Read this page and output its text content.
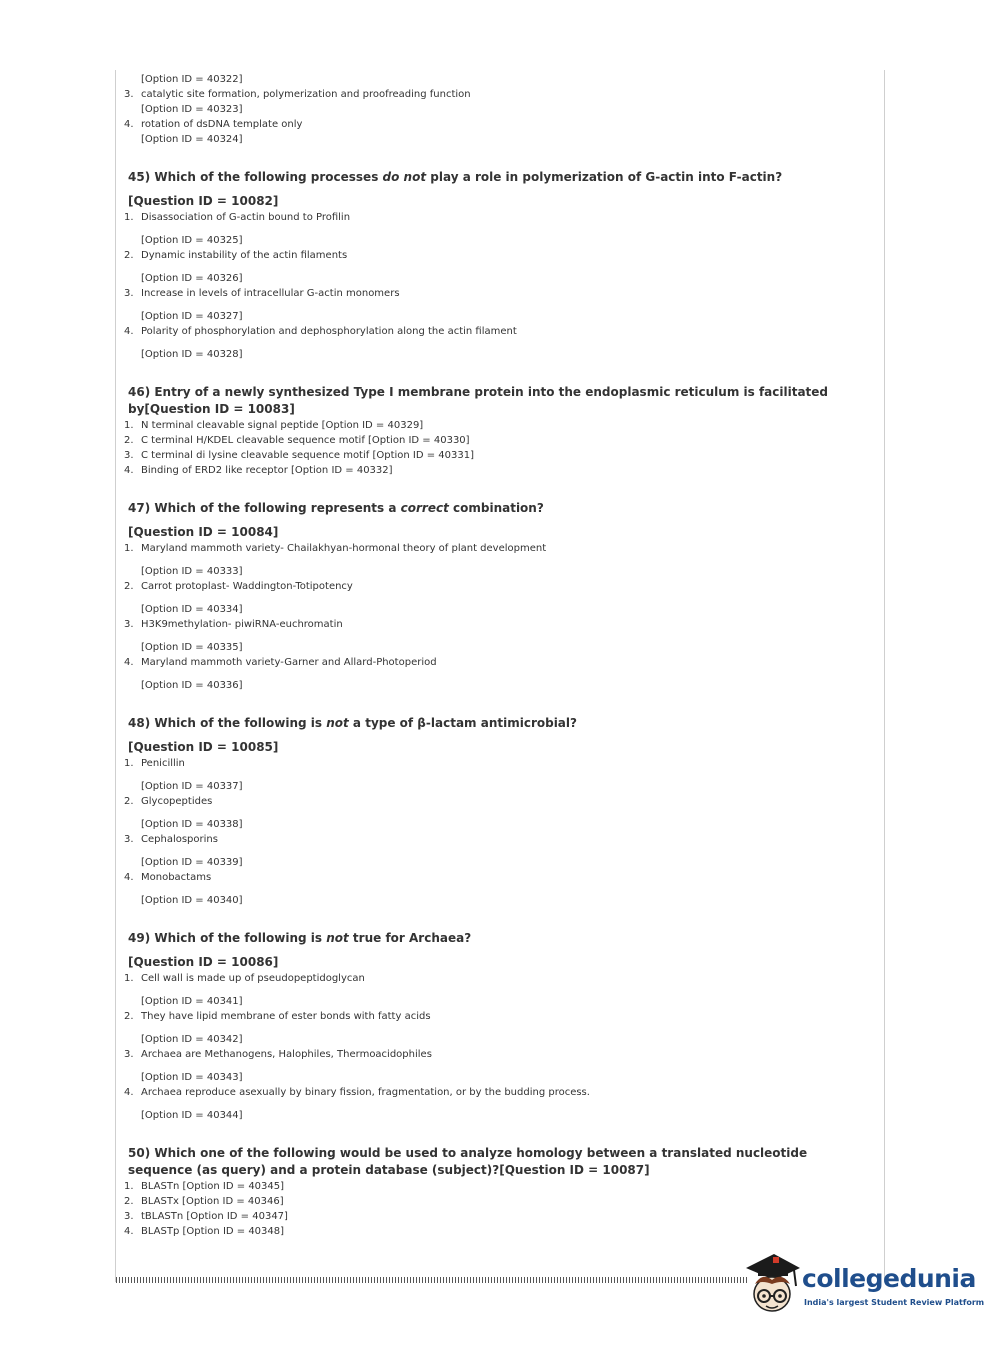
[Option ID = 40322]
3. catalytic site formation, polymerization and proofreading function
[Option ID = 40323]
4. rotation of dsDNA template only
[Option ID = 40324]
45) Which of the following processes do not play a role in polymerization of G-actin into F-actin?
[Question ID = 10082]
1. Disassociation of G-actin bound to Profilin
[Option ID = 40325]
2. Dynamic instability of the actin filaments
[Option ID = 40326]
3. Increase in levels of intracellular G-actin monomers
[Option ID = 40327]
4. Polarity of phosphorylation and dephosphorylation along the actin filament
[Option ID = 40328]
46) Entry of a newly synthesized Type I membrane protein into the endoplasmic reticulum is facilitated by[Question ID = 10083]
1. N terminal cleavable signal peptide [Option ID = 40329]
2. C terminal H/KDEL cleavable sequence motif [Option ID = 40330]
3. C terminal di lysine cleavable sequence motif [Option ID = 40331]
4. Binding of ERD2 like receptor [Option ID = 40332]
47) Which of the following represents a correct combination?
[Question ID = 10084]
1. Maryland mammoth variety- Chailakhyan-hormonal theory of plant development
[Option ID = 40333]
2. Carrot protoplast- Waddington-Totipotency
[Option ID = 40334]
3. H3K9methylation- piwiRNA-euchromatin
[Option ID = 40335]
4. Maryland mammoth variety-Garner and Allard-Photoperiod
[Option ID = 40336]
48) Which of the following is not a type of β-lactam antimicrobial?
[Question ID = 10085]
1. Penicillin
[Option ID = 40337]
2. Glycopeptides
[Option ID = 40338]
3. Cephalosporins
[Option ID = 40339]
4. Monobactams
[Option ID = 40340]
49) Which of the following is not true for Archaea?
[Question ID = 10086]
1. Cell wall is made up of pseudopeptidoglycan
[Option ID = 40341]
2. They have lipid membrane of ester bonds with fatty acids
[Option ID = 40342]
3. Archaea are Methanogens, Halophiles, Thermoacidophiles
[Option ID = 40343]
4. Archaea reproduce asexually by binary fission, fragmentation, or by the budding process.
[Option ID = 40344]
50) Which one of the following would be used to analyze homology between a translated nucleotide sequence (as query) and a protein database (subject)?[Question ID = 10087]
1. BLASTn [Option ID = 40345]
2. BLASTx [Option ID = 40346]
3. tBLASTn [Option ID = 40347]
4. BLASTp [Option ID = 40348]
collegedunia
India's largest Student Review Platform
